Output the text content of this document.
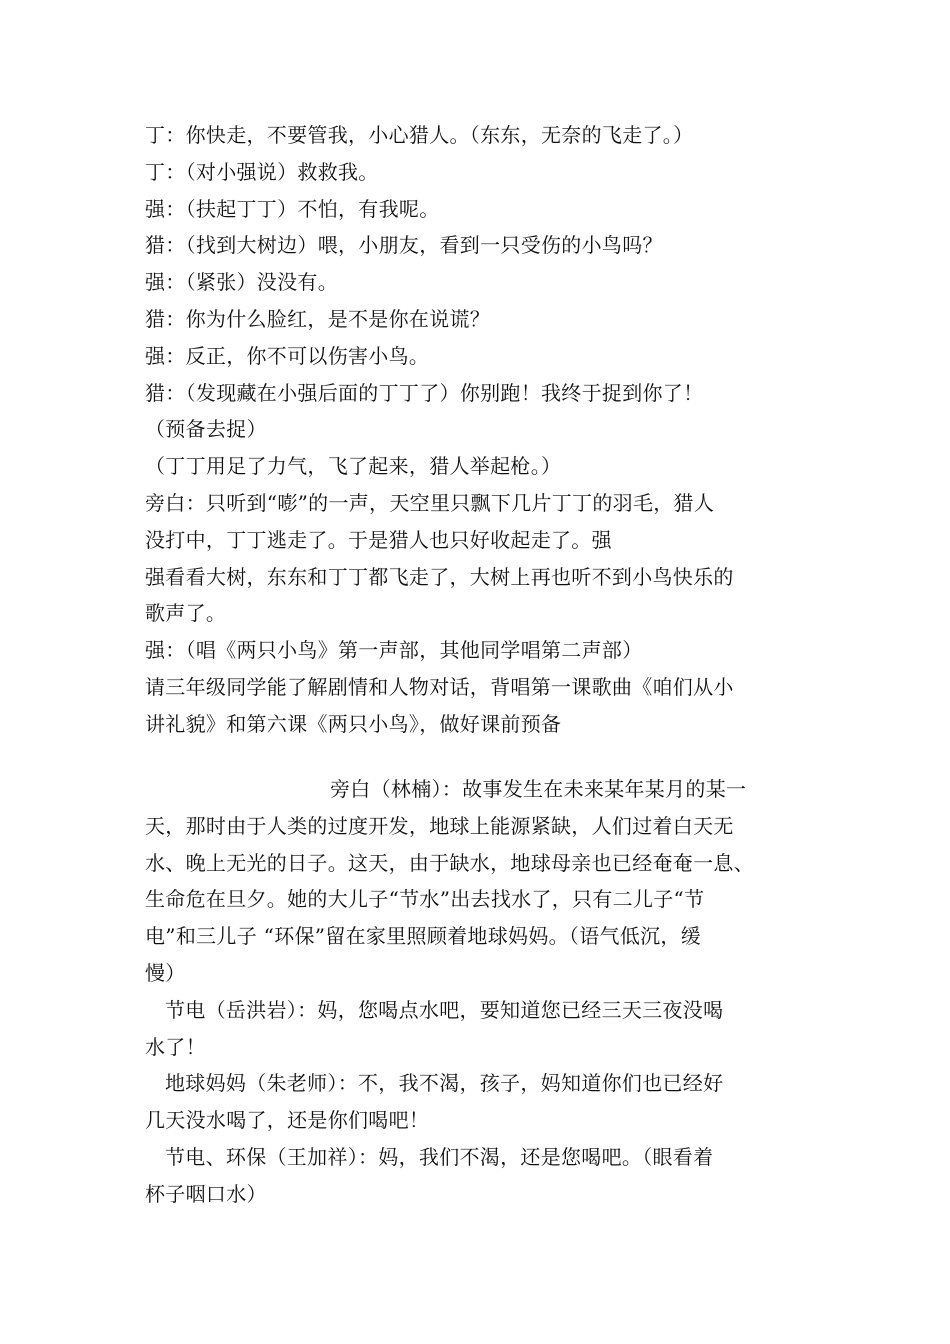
丁：你快走，不要管我，小心猎人。（东东，无奈的飞走了。）
丁：（对小强说）救救我。
强：（扶起丁丁）不怕，有我呢。
猎：（找到大树边）喂，小朋友，看到一只受伤的小鸟吗？
强：（紧张）没没有。
猎：你为什么脸红，是不是你在说谎？
强：反正，你不可以伤害小鸟。
猎：（发现藏在小强后面的丁丁了）你别跑！我终于捉到你了！
（预备去捉）
（丁丁用足了力气，飞了起来，猎人举起枪。）
旁白：只听到“嘭”的一声，天空里只飘下几片丁丁的羽毛，猎人
没打中，丁丁逃走了。于是猎人也只好收起走了。强
强看看大树，东东和丁丁都飞走了，大树上再也听不到小鸟快乐的
歌声了。
强：（唱《两只小鸟》第一声部，其他同学唱第二声部）
请三年级同学能了解剧情和人物对话，背唱第一课歌曲《咱们从小
讲礼貌》和第六课《两只小鸟》，做好课前预备
旁白（林楠）：故事发生在未来某年某月的某一
天，那时由于人类的过度开发，地球上能源紧缺，人们过着白天无
水、晚上无光的日子。这天，由于缺水，地球母亲也已经奄奄一息、
生命危在旦夕。她的大儿子“节水”出去找水了，只有二儿子“节
电”和三儿子 “环保”留在家里照顾着地球妈妈。（语气低沉，缓
慢）
节电（岳洪岩）：妈，您喝点水吧，要知道您已经三天三夜没喝
水了！
地球妈妈（朱老师）：不，我不渴，孩子，妈知道你们也已经好
几天没水喝了，还是你们喝吧！
节电、环保（王加祥）：妈，我们不渴，还是您喝吧。（眼看着
杯子咽口水）
